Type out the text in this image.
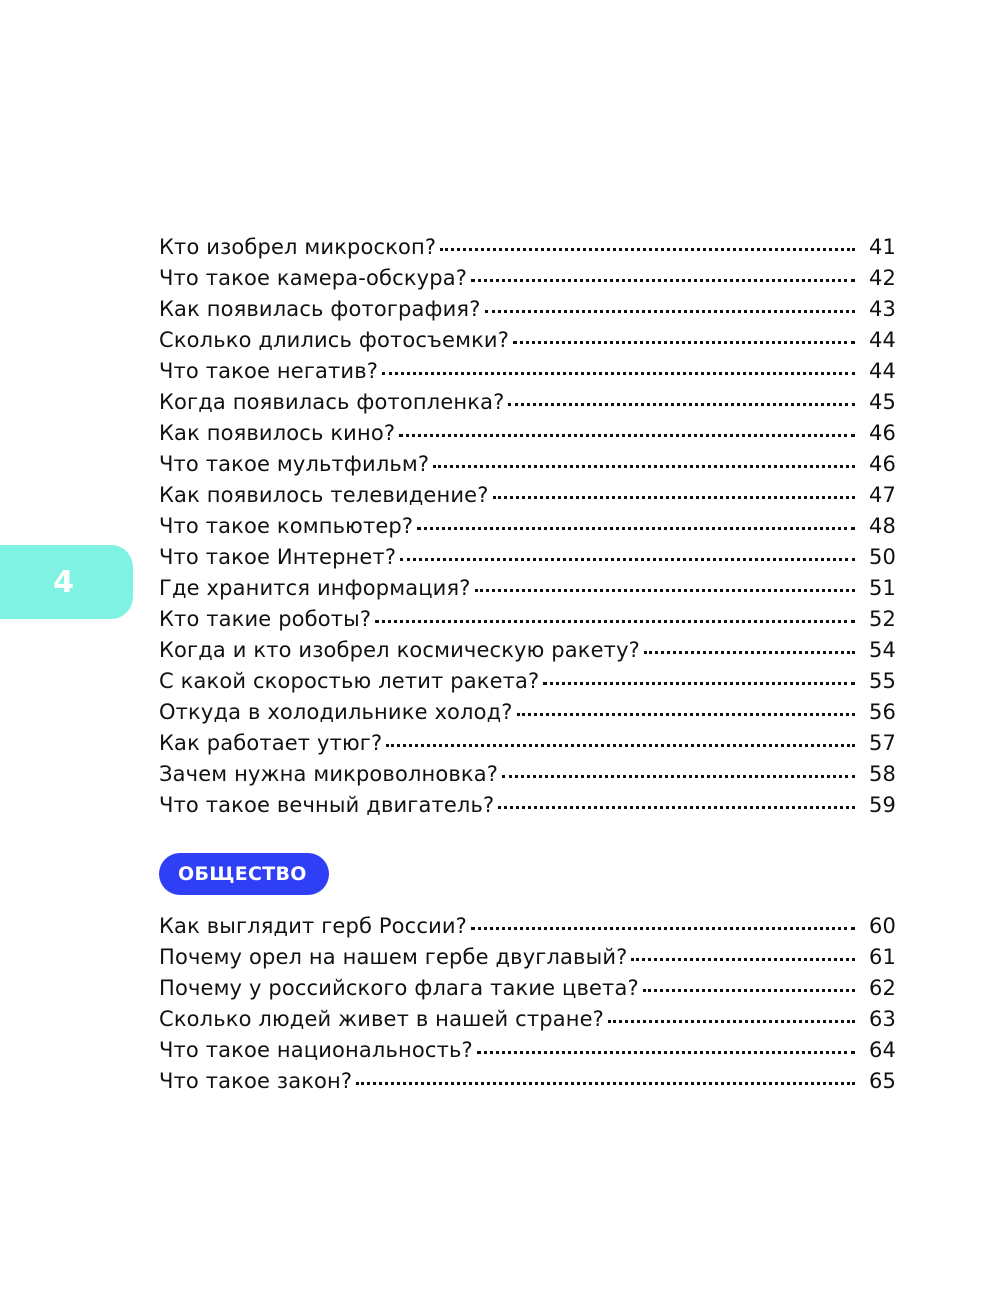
4
Кто изобрел микроскоп?	41
Что такое камера-обскура?	42
Как появилась фотография?	43
Сколько длились фотосъемки?	44
Что такое негатив?	44
Когда появилась фотопленка?	45
Как появилось кино?	46
Что такое мультфильм?	46
Как появилось телевидение?	47
Что такое компьютер?	48
Что такое Интернет?	50
Где хранится информация?	51
Кто такие роботы?	52
Когда и кто изобрел космическую ракету?	54
С какой скоростью летит ракета?	55
Откуда в холодильнике холод?	56
Как работает утюг?	57
Зачем нужна микроволновка?	58
Что такое вечный двигатель?	59
ОБЩЕСТВО
Как выглядит герб России?	60
Почему орел на нашем гербе двуглавый?	61
Почему у российского флага такие цвета?	62
Сколько людей живет в нашей стране?	63
Что такое национальность?	64
Что такое закон?	65
